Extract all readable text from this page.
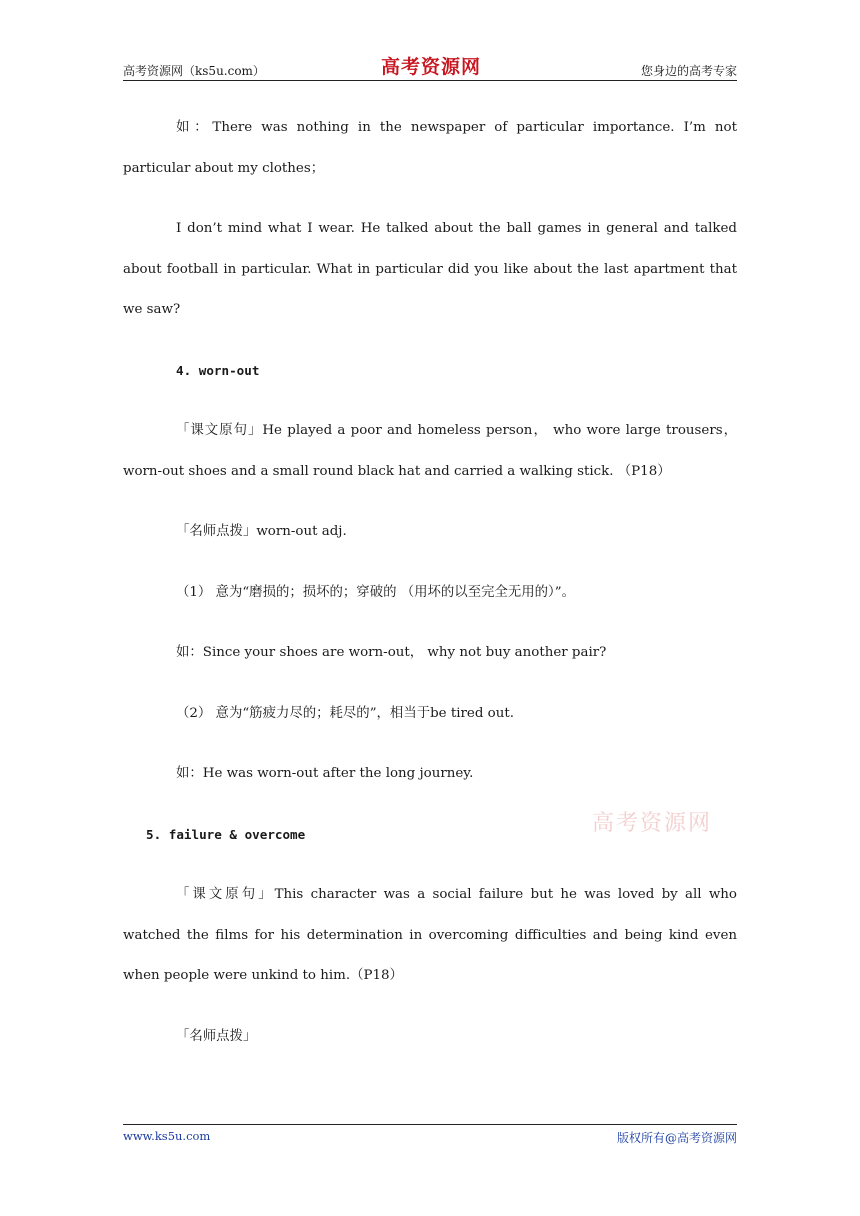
高考资源网（ks5u.com）	高考资源网	您身边的高考专家

如：There was nothing in the newspaper of particular importance. I’m not particular about my clothes；

I don’t mind what I wear. He talked about the ball games in general and talked about football in particular. What in particular did you like about the last apartment that we saw?

4. worn-out

「课文原句」He played a poor and homeless person， who wore large trousers，worn-out shoes and a small round black hat and carried a walking stick. （P18）

「名师点拨」worn-out adj.

（1） 意为“磨损的；损坏的；穿破的 （用坏的以至完全无用的）”。

如：Since your shoes are worn-out， why not buy another pair?

（2） 意为“筋疲力尽的；耗尽的”，相当于be tired out.

如：He was worn-out after the long journey.

5. failure & overcome

「课文原句」This character was a social failure but he was loved by all who watched the films for his determination in overcoming difficulties and being kind even when people were unkind to him.（P18）

「名师点拨」

高考资源网
www.ks5u.com	版权所有@高考资源网
